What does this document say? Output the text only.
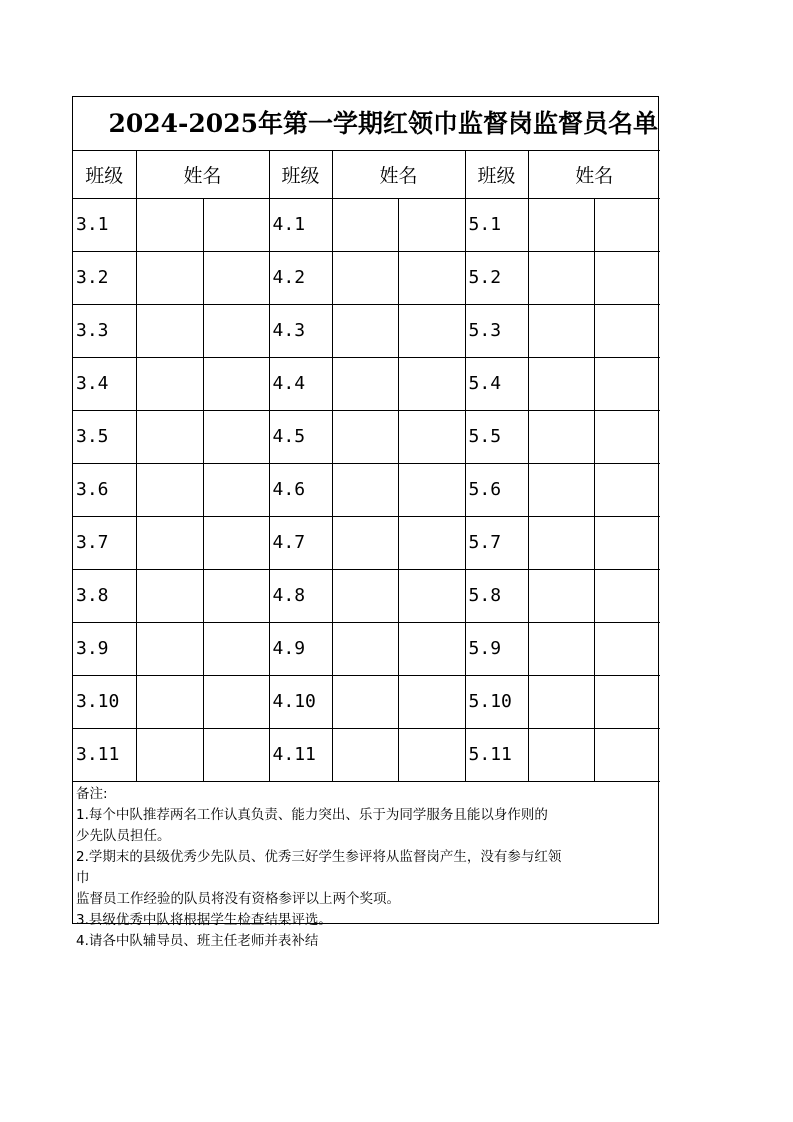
2024-2025年第一学期红领巾监督岗监督员名单
班级	姓名		班级	姓名		班级	姓名	
3.1			4.1			5.1		
3.2			4.2			5.2		
3.3			4.3			5.3		
3.4			4.4			5.4		
3.5			4.5			5.5		
3.6			4.6			5.6		
3.7			4.7			5.7		
3.8			4.8			5.8		
3.9			4.9			5.9		
3.10			4.10			5.10		
3.11			4.11			5.11		
备注:
1.每个中队推荐两名工作认真负责、能力突出、乐于为同学服务且能以身作则的
少先队员担任。
2.学期末的县级优秀少先队员、优秀三好学生参评将从监督岗产生，没有参与红领
巾
监督员工作经验的队员将没有资格参评以上两个奖项。
3.县级优秀中队将根据学生检查结果评选。
4.请各中队辅导员、班主任老师并表补结
